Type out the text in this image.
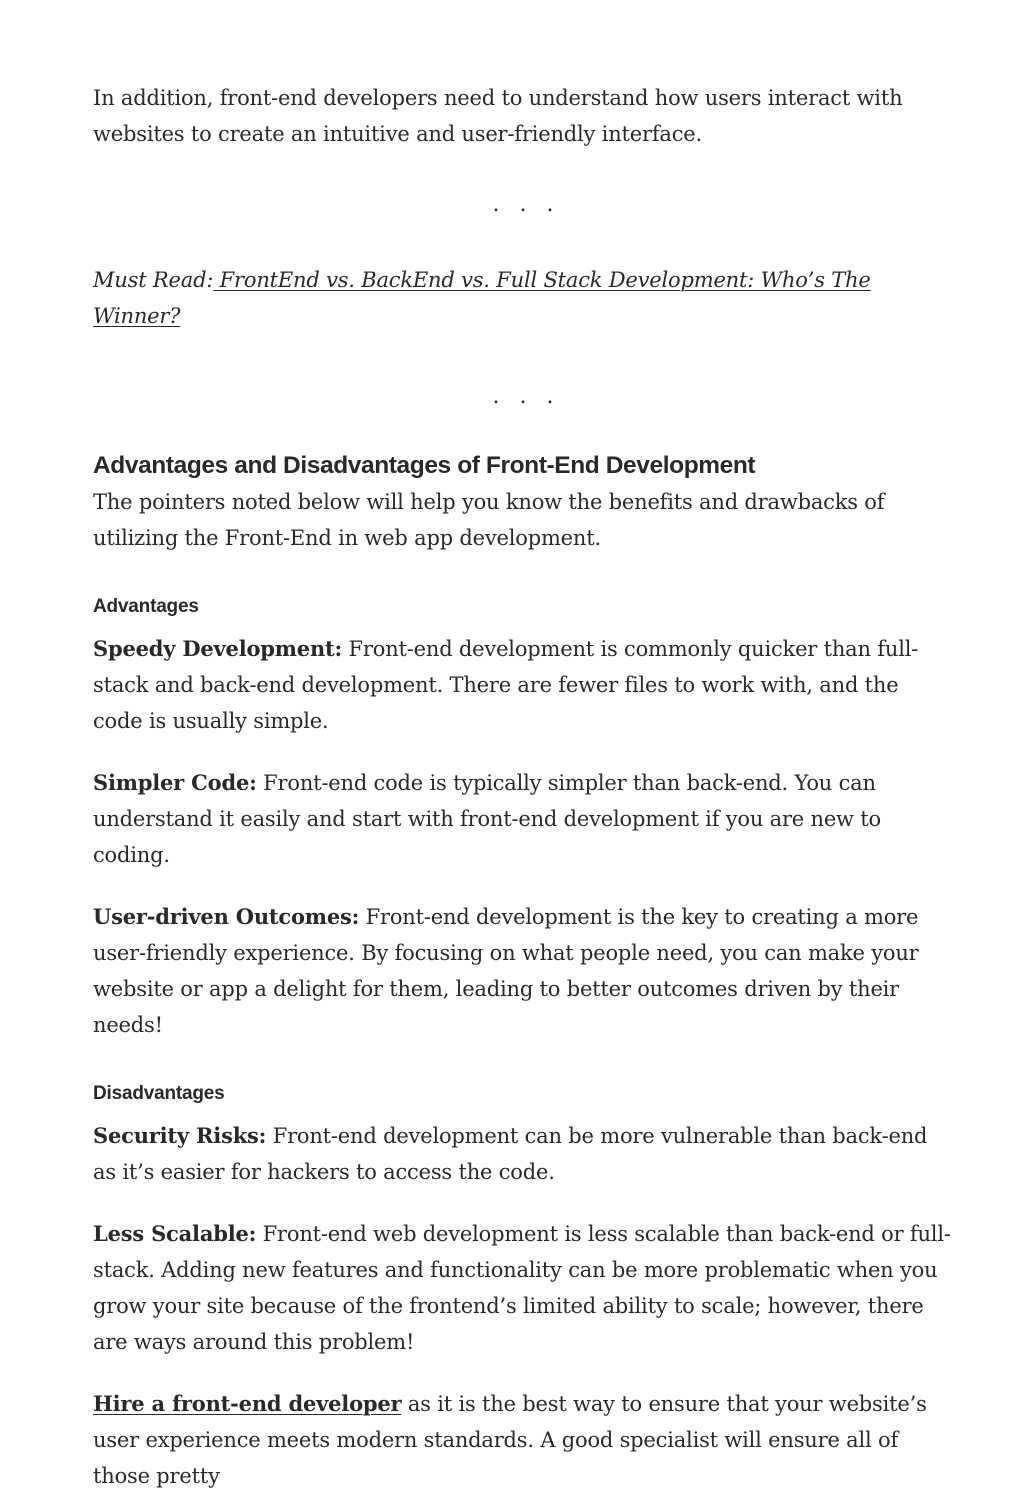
In addition, front-end developers need to understand how users interact with websites to create an intuitive and user-friendly interface.

...

Must Read: FrontEnd vs. BackEnd vs. Full Stack Development: Who’s The Winner?

...
Advantages and Disadvantages of Front-End Development

The pointers noted below will help you know the benefits and drawbacks of utilizing the Front-End in web app development.

Advantages

Speedy Development: Front-end development is commonly quicker than full-stack and back-end development. There are fewer files to work with, and the code is usually simple.

Simpler Code: Front-end code is typically simpler than back-end. You can understand it easily and start with front-end development if you are new to coding.

User-driven Outcomes: Front-end development is the key to creating a more user-friendly experience. By focusing on what people need, you can make your website or app a delight for them, leading to better outcomes driven by their needs!

Disadvantages

Security Risks: Front-end development can be more vulnerable than back-end as it’s easier for hackers to access the code.

Less Scalable: Front-end web development is less scalable than back-end or full-stack. Adding new features and functionality can be more problematic when you grow your site because of the frontend’s limited ability to scale; however, there are ways around this problem!

Hire a front-end developer as it is the best way to ensure that your website’s user experience meets modern standards. A good specialist will ensure all of those pretty
